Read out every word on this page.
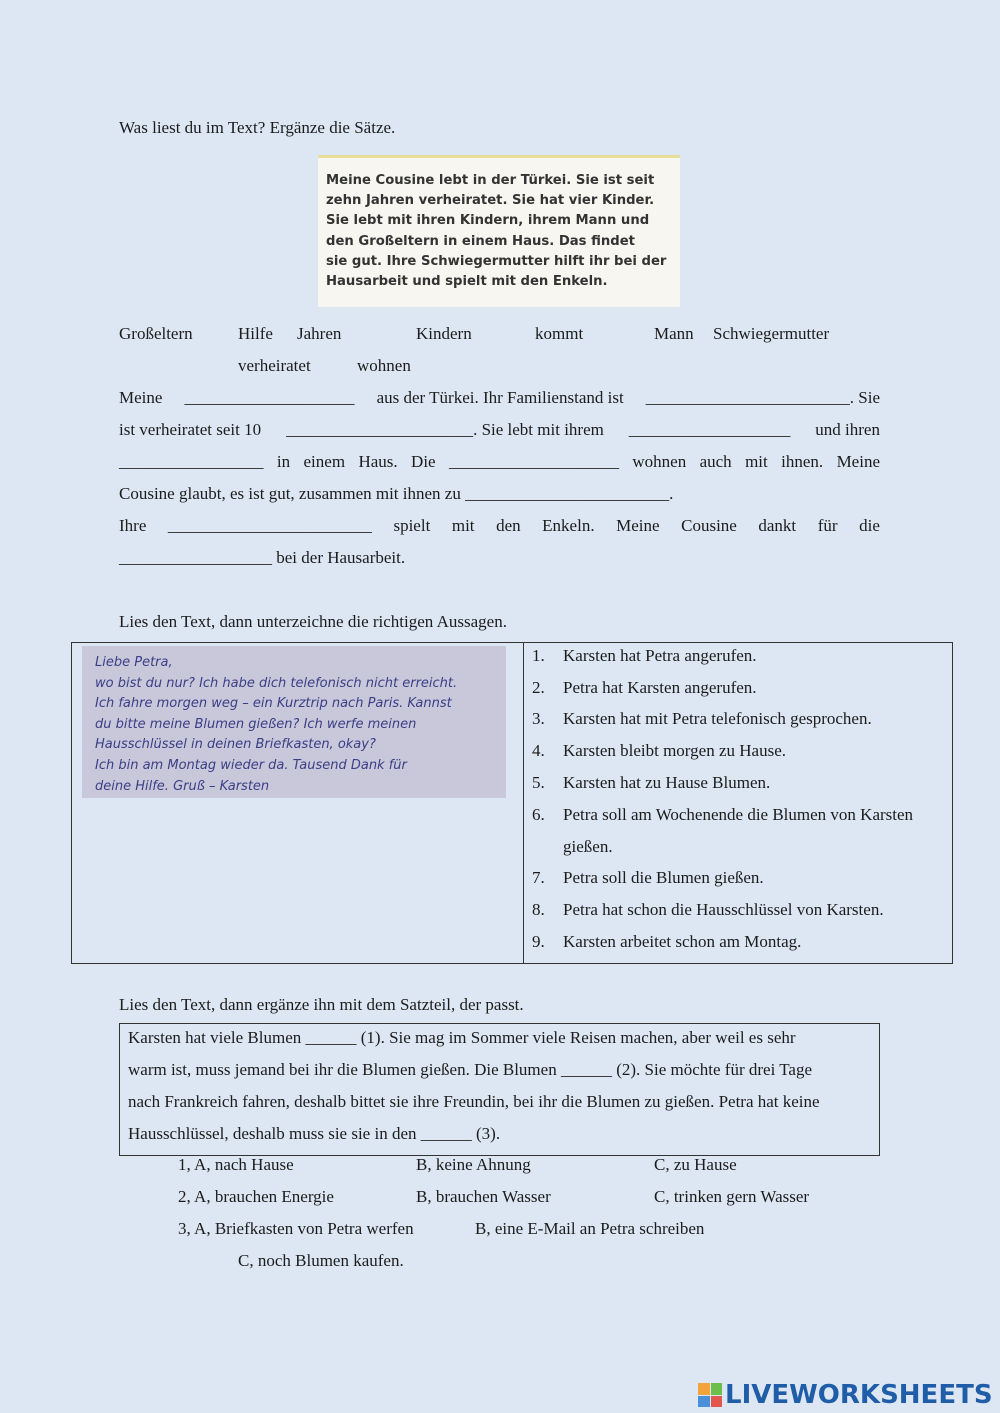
Was liest du im Text? Ergänze die Sätze.
Meine Cousine lebt in der Türkei. Sie ist seit
zehn Jahren verheiratet. Sie hat vier Kinder.
Sie lebt mit ihren Kindern, ihrem Mann und
den Großeltern in einem Haus. Das findet
sie gut. Ihre Schwiegermutter hilft ihr bei der
Hausarbeit und spielt mit den Enkeln.
Großeltern	Hilfe Jahren	Kindern	kommt	Mann Schwiegermutter
verheiratet	wohnen
Meine ____________________ aus der Türkei. Ihr Familienstand ist ________________________. Sie
ist verheiratet seit 10 ______________________. Sie lebt mit ihrem ___________________ und ihren
_________________ in einem Haus. Die ____________________ wohnen auch mit ihnen. Meine
Cousine glaubt, es ist gut, zusammen mit ihnen zu ________________________.
Ihre ________________________ spielt mit den Enkeln. Meine Cousine dankt für die
__________________ bei der Hausarbeit.
Lies den Text, dann unterzeichne die richtigen Aussagen.
Liebe Petra,
wo bist du nur? Ich habe dich telefonisch nicht erreicht.
Ich fahre morgen weg – ein Kurztrip nach Paris. Kannst
du bitte meine Blumen gießen? Ich werfe meinen
Hausschlüssel in deinen Briefkasten, okay?
Ich bin am Montag wieder da. Tausend Dank für
deine Hilfe. Gruß – Karsten
1. Karsten hat Petra angerufen.
2. Petra hat Karsten angerufen.
3. Karsten hat mit Petra telefonisch gesprochen.
4. Karsten bleibt morgen zu Hause.
5. Karsten hat zu Hause Blumen.
6. Petra soll am Wochenende die Blumen von Karsten
gießen.
7. Petra soll die Blumen gießen.
8. Petra hat schon die Hausschlüssel von Karsten.
9. Karsten arbeitet schon am Montag.
Lies den Text, dann ergänze ihn mit dem Satzteil, der passt.
Karsten hat viele Blumen ______ (1). Sie mag im Sommer viele Reisen machen, aber weil es sehr
warm ist, muss jemand bei ihr die Blumen gießen. Die Blumen ______ (2). Sie möchte für drei Tage
nach Frankreich fahren, deshalb bittet sie ihre Freundin, bei ihr die Blumen zu gießen. Petra hat keine
Hausschlüssel, deshalb muss sie sie in den ______ (3).
1, A, nach Hause	B, keine Ahnung	C, zu Hause
2, A, brauchen Energie	B, brauchen Wasser	C, trinken gern Wasser
3, A, Briefkasten von Petra werfen	B, eine E-Mail an Petra schreiben
C, noch Blumen kaufen.
LIVEWORKSHEETS
